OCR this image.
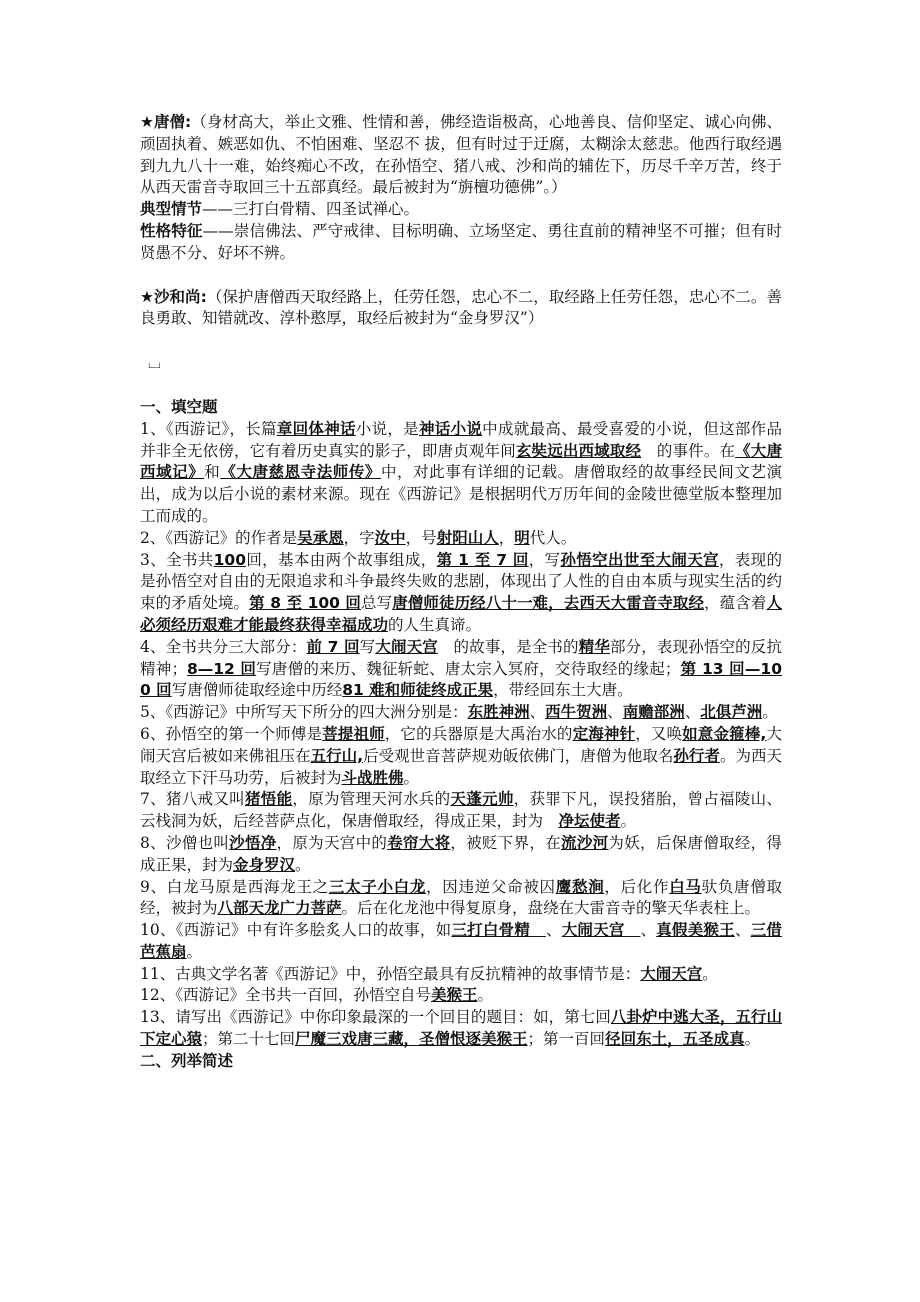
★唐僧:（身材高大，举止文雅、性情和善，佛经造诣极高，心地善良、信仰坚定、诚心向佛、顽固执着、嫉恶如仇、不怕困难、坚忍不 拔，但有时过于迂腐，太糊涂太慈悲。他西行取经遇到九九八十一难，始终痴心不改，在孙悟空、猪八戒、沙和尚的辅佐下，历尽千辛万苦，终于从西天雷音寺取回三十五部真经。最后被封为“旃檀功德佛”。）

典型情节——三打白骨精、四圣试禅心。

性格特征——崇信佛法、严守戒律、目标明确、立场坚定、勇往直前的精神坚不可摧；但有时贤愚不分、好坏不辨。

★沙和尚:（保护唐僧西天取经路上，任劳任怨，忠心不二，取经路上任劳任怨，忠心不二。善良勇敢、知错就改、淳朴憨厚，取经后被封为“金身罗汉”）

⌴

一、填空题

1、《西游记》，长篇章回体神话小说，是神话小说中成就最高、最受喜爱的小说，但这部作品并非全无依傍，它有着历史真实的影子，即唐贞观年间玄奘远出西域取经　的事件。在《大唐西域记》和《大唐慈恩寺法师传》中，对此事有详细的记载。唐僧取经的故事经民间文艺演出，成为以后小说的素材来源。现在《西游记》是根据明代万历年间的金陵世德堂版本整理加工而成的。

2、《西游记》的作者是吴承恩，字汝中，号射阳山人，明代人。

3、全书共100回，基本由两个故事组成，第 1 至 7 回，写孙悟空出世至大闹天宫，表现的是孙悟空对自由的无限追求和斗争最终失败的悲剧，体现出了人性的自由本质与现实生活的约束的矛盾处境。第 8 至 100 回总写唐僧师徒历经八十一难，去西天大雷音寺取经，蕴含着人必须经历艰难才能最终获得幸福成功的人生真谛。

4、全书共分三大部分：前 7 回写大闹天宫　的故事，是全书的精华部分，表现孙悟空的反抗精神；8—12 回写唐僧的来历、魏征斩蛇、唐太宗入冥府，交待取经的缘起；第 13 回—100 回写唐僧师徒取经途中历经81 难和师徒终成正果，带经回东土大唐。

5、《西游记》中所写天下所分的四大洲分别是：东胜神洲、西牛贺洲、南赡部洲、北俱芦洲。

6、孙悟空的第一个师傅是菩提祖师，它的兵器原是大禹治水的定海神针，又唤如意金箍棒,大闹天宫后被如来佛祖压在五行山,后受观世音菩萨规劝皈依佛门，唐僧为他取名孙行者。为西天取经立下汗马功劳，后被封为斗战胜佛。

7、猪八戒又叫猪悟能，原为管理天河水兵的天蓬元帅，获罪下凡，误投猪胎，曾占福陵山、云栈洞为妖，后经菩萨点化，保唐僧取经，得成正果，封为　净坛使者。

8、沙僧也叫沙悟净，原为天宫中的卷帘大将，被贬下界，在流沙河为妖，后保唐僧取经，得成正果，封为金身罗汉。

9、白龙马原是西海龙王之三太子小白龙，因违逆父命被囚鹰愁涧，后化作白马驮负唐僧取经，被封为八部天龙广力菩萨。后在化龙池中得复原身，盘绕在大雷音寺的擎天华表柱上。

10、《西游记》中有许多脍炙人口的故事，如三打白骨精　、大闹天宫　、真假美猴王、三借芭蕉扇。

11、古典文学名著《西游记》中，孙悟空最具有反抗精神的故事情节是：大闹天宫。

12、《西游记》全书共一百回，孙悟空自号美猴王。

13、请写出《西游记》中你印象最深的一个回目的题目：如，第七回八卦炉中逃大圣，五行山下定心猿；第二十七回尸魔三戏唐三藏，圣僧恨逐美猴王；第一百回径回东土，五圣成真。

二、列举简述
